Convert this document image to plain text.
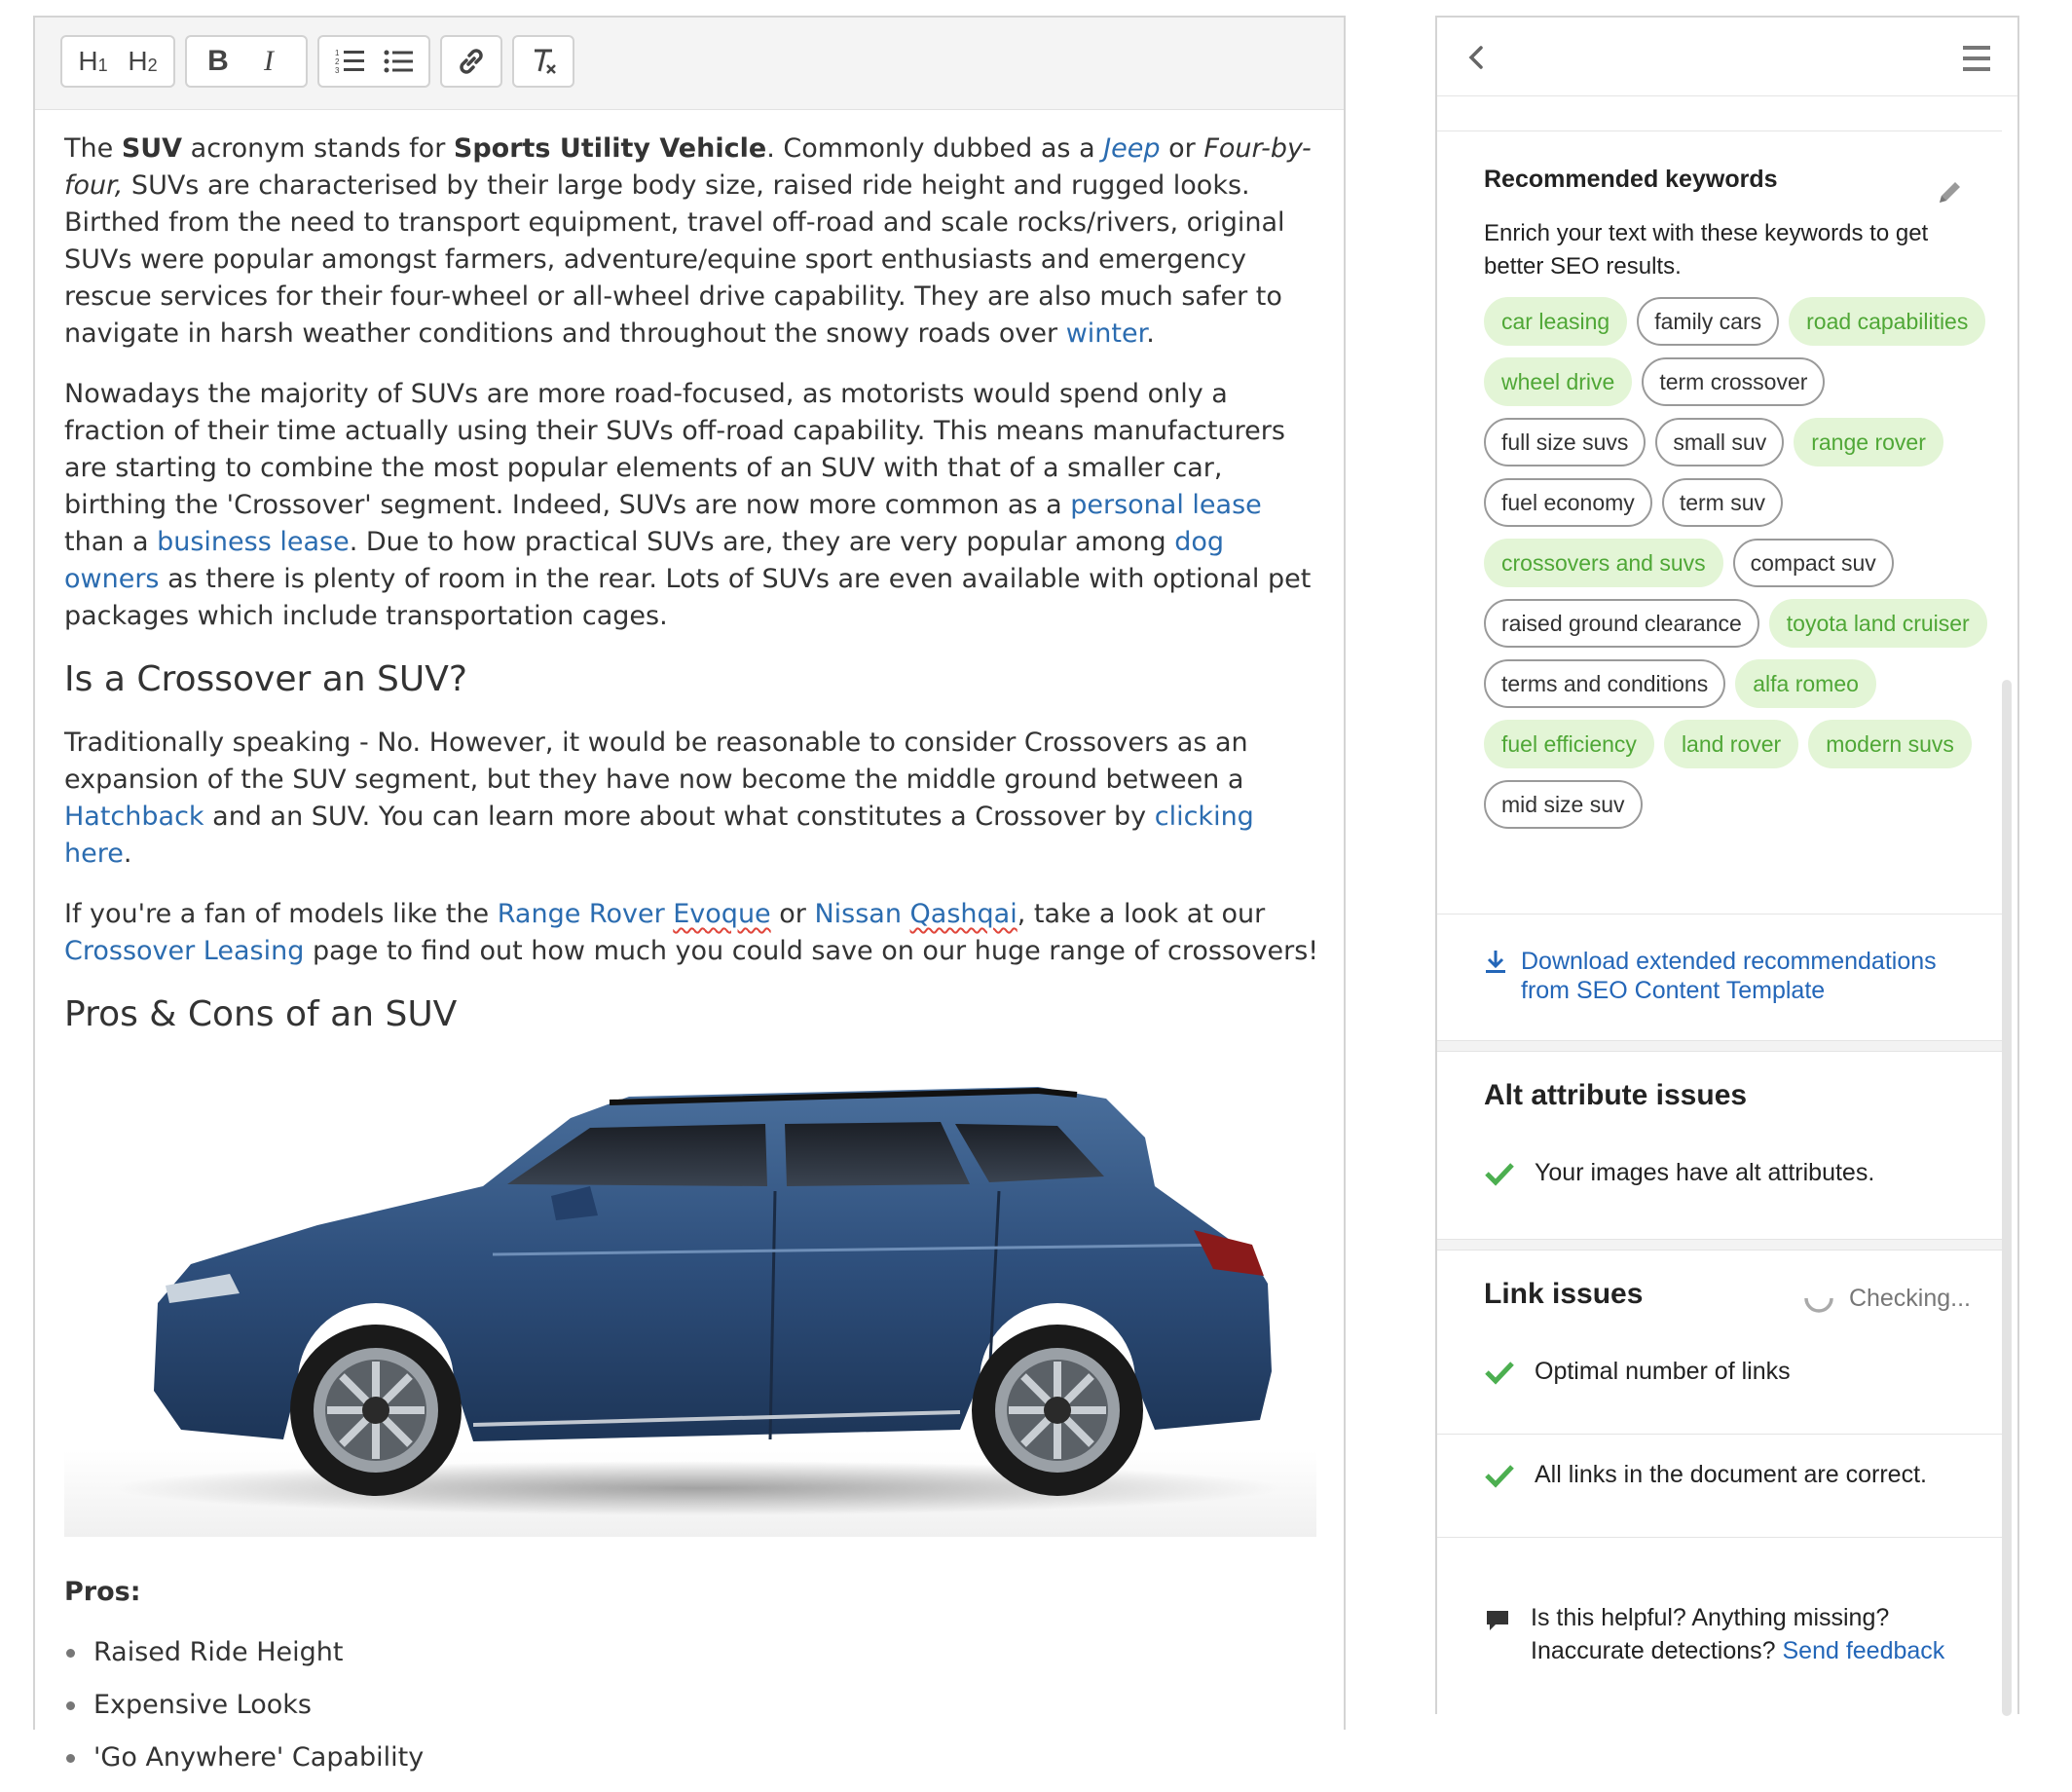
H 1 H 2	B	I	1
2
3

The SUV acronym stands for Sports Utility Vehicle. Commonly dubbed as a Jeep or Four-by-four, SUVs are characterised by their large body size, raised ride height and rugged looks. Birthed from the need to transport equipment, travel off-road and scale rocks/rivers, original SUVs were popular amongst farmers, adventure/equine sport enthusiasts and emergency rescue services for their four-wheel or all-wheel drive capability. They are also much safer to navigate in harsh weather conditions and throughout the snowy roads over winter.

Nowadays the majority of SUVs are more road-focused, as motorists would spend only a fraction of their time actually using their SUVs off-road capability. This means manufacturers are starting to combine the most popular elements of an SUV with that of a smaller car, birthing the 'Crossover' segment. Indeed, SUVs are now more common as a personal lease than a business lease. Due to how practical SUVs are, they are very popular among dog owners as there is plenty of room in the rear. Lots of SUVs are even available with optional pet packages which include transportation cages.

Is a Crossover an SUV?

Traditionally speaking - No. However, it would be reasonable to consider Crossovers as an expansion of the SUV segment, but they have now become the middle ground between a Hatchback and an SUV. You can learn more about what constitutes a Crossover by clicking here.

If you're a fan of models like the Range Rover Evoque or Nissan Qashqai, take a look at our Crossover Leasing page to find out how much you could save on our huge range of crossovers!

Pros & Cons of an SUV

Pros:

Raised Ride Height
Expensive Looks
'Go Anywhere' Capability
Recommended keywords
Enrich your text with these keywords to get better SEO results.
car leasing	family cars	road capabilities
wheel drive	term crossover
full size suvs	small suv	range rover
fuel economy	term suv
crossovers and suvs	compact suv
raised ground clearance	toyota land cruiser
terms and conditions	alfa romeo
fuel efficiency	land rover	modern suvs
mid size suv
Download extended recommendations from SEO Content Template
Alt attribute issues
Your images have alt attributes.
Link issues	Checking...
Optimal number of links
All links in the document are correct.
Is this helpful? Anything missing? Inaccurate detections? Send feedback
